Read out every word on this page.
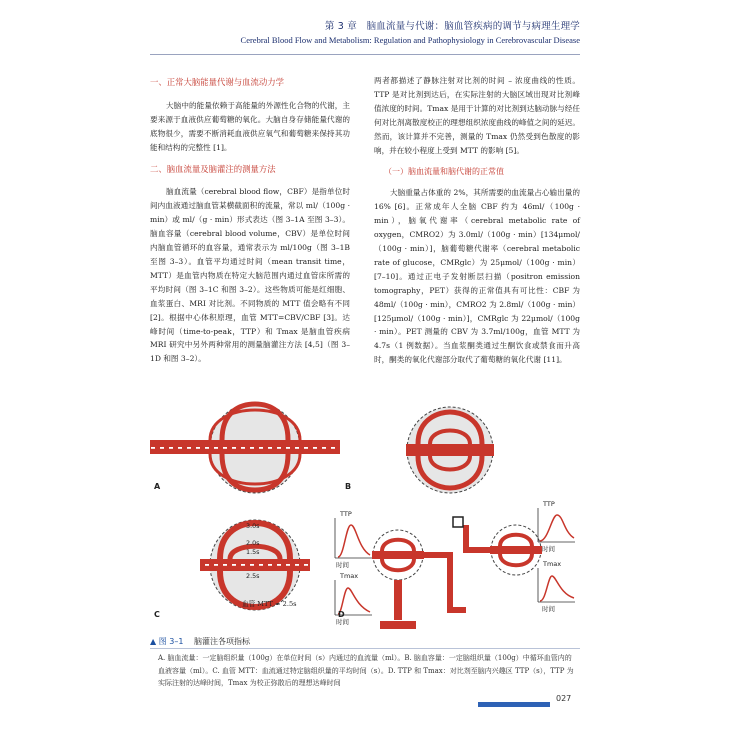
第 3 章　脑血流量与代谢：脑血管疾病的调节与病理生理学
Cerebral Blood Flow and Metabolism: Regulation and Pathophysiology in Cerebrovascular Disease
一、正常大脑能量代谢与血流动力学

大脑中的能量依赖于高能量的外源性化合物的代谢，主要来源于血液供应葡萄糖的氧化。大脑自身存储能量代谢的底物很少，需要不断消耗血液供应氧气和葡萄糖来保持其功能和结构的完整性 [1]。

二、脑血流量及脑灌注的测量方法

脑血流量（cerebral blood flow，CBF）是指单位时间内血液通过脑血管某横截面积的流量，常以 ml/（100g · min）或 ml/（g · min）形式表达（图 3–1A 至图 3–3）。脑血容量（cerebral blood volume，CBV）是单位时间内脑血管循环的血容量，通常表示为 ml/100g（图 3–1B 至图 3–3）。血管平均通过时间（mean transit time，MTT）是血管内物质在特定大脑范围内通过血管床所需的平均时间（图 3–1C 和图 3–2）。这些物质可能是红细胞、血浆蛋白、MRI 对比剂。不同物质的 MTT 值会略有不同 [2]。根据中心体积原理，血管 MTT=CBV/CBF [3]。达峰时间（time-to-peak，TTP）和 Tmax 是脑血管疾病 MRI 研究中另外两种常用的测量脑灌注方法 [4,5]（图 3–1D 和图 3–2）。

两者都描述了静脉注射对比剂的时间 – 浓度曲线的性质。TTP 是对比剂到达后，在实际注射的大脑区域出现对比剂峰值浓度的时间。Tmax 是用于计算的对比剂到达脑动脉与经任何对比剂离散度校正的理想组织浓度曲线的峰值之间的延迟。然而，该计算并不完善，测量的 Tmax 仍然受到色散度的影响，并在较小程度上受到 MTT 的影响 [5]。

（一）脑血流量和脑代谢的正常值

大脑重量占体重的 2%，其所需要的血流量占心输出量的 16% [6]。正常成年人全脑 CBF 约为 46ml/（100g · min），脑氧代谢率（cerebral metabolic rate of oxygen，CMRO2）为 3.0ml/（100g · min）[134μmol/（100g · min）]，脑葡萄糖代谢率（cerebral metabolic rate of glucose，CMRglc）为 25μmol/（100g · min）[7–10]。通过正电子发射断层扫描（positron emission tomography，PET）获得的正常值具有可比性：CBF 为 48ml/（100g · min），CMRO2 为 2.8ml/（100g · min）[125μmol/（100g · min）]，CMRglc 为 22μmol/（100g · min）。PET 测量的 CBV 为 3.7ml/100g，血管 MTT 为 4.7s（1 例数据）。当血浆酮类通过生酮饮食或禁食而升高时，酮类的氧化代谢部分取代了葡萄糖的氧化代谢 [11]。

A	B
C	D
3.0s
2.0s
1.5s
2.5s
血管 MTT = 2.5s
TTP
时间
Tmax
时间
TTP
时间
Tmax
时间
▲ 图 3–1 脑灌注各项指标
A. 脑血流量：一定脑组织量（100g）在单位时间（s）内通过的血流量（ml）。B. 脑血容量：一定脑组织量（100g）中循环血管内的血液容量（ml）。C. 血管 MTT：血流通过特定脑组织量的平均时间（s）。D. TTP 和 Tmax：对比剂至脑内兴趣区 TTP（s），TTP 为实际注射的达峰时间，Tmax 为校正弥散后的理想达峰时间
027
